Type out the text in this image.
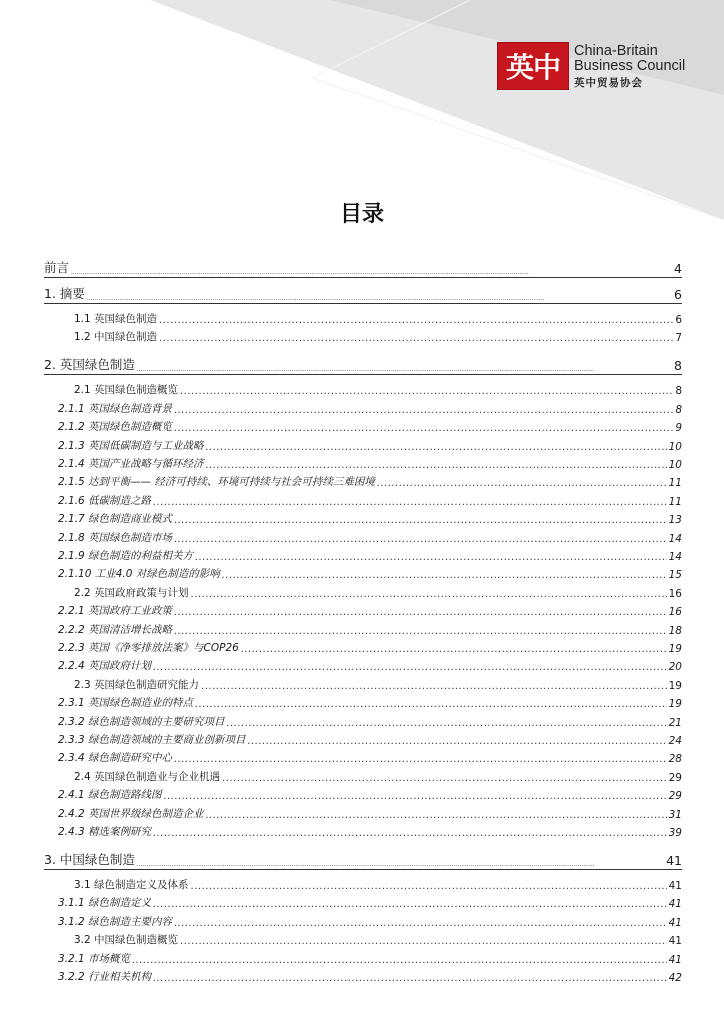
英中 China-Britain
Business Council
英中贸易协会
目录
前言 .....	4
1. 摘要 .....	6
1.1 英国绿色制造 .....	6
1.2 中国绿色制造 .....	7
2. 英国绿色制造 .....	8
2.1 英国绿色制造概览 .....	8
2.1.1 英国绿色制造背景 .....	8
2.1.2 英国绿色制造概览 .....	9
2.1.3 英国低碳制造与工业战略 .....	10
2.1.4 英国产业战略与循环经济 .....	10
2.1.5 达到平衡—— 经济可持续、环境可持续与社会可持续三难困境 .....	11
2.1.6 低碳制造之路 .....	11
2.1.7 绿色制造商业模式 .....	13
2.1.8 英国绿色制造市场 .....	14
2.1.9 绿色制造的利益相关方 .....	14
2.1.10 工业4.0 对绿色制造的影响 .....	15
2.2 英国政府政策与计划 .....	16
2.2.1 英国政府工业政策 .....	16
2.2.2 英国清洁增长战略 .....	18
2.2.3 英国《净零排放法案》与COP26 .....	19
2.2.4 英国政府计划 .....	20
2.3 英国绿色制造研究能力 .....	19
2.3.1 英国绿色制造业的特点 .....	19
2.3.2 绿色制造领域的主要研究项目 .....	21
2.3.3 绿色制造领域的主要商业创新项目 .....	24
2.3.4 绿色制造研究中心 .....	28
2.4 英国绿色制造业与企业机遇 .....	29
2.4.1 绿色制造路线图 .....	29
2.4.2 英国世界级绿色制造企业 .....	31
2.4.3 精选案例研究 .....	39
3. 中国绿色制造 .....	41
3.1 绿色制造定义及体系 .....	41
3.1.1 绿色制造定义 .....	41
3.1.2 绿色制造主要内容 .....	41
3.2 中国绿色制造概览 .....	41
3.2.1 市场概览 .....	41
3.2.2 行业相关机构 .....	42
